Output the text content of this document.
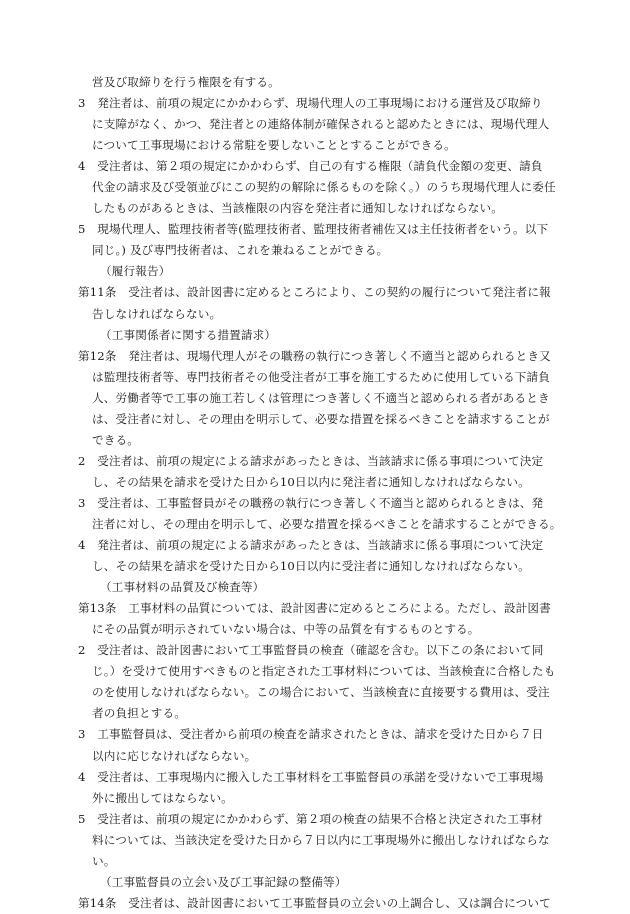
営及び取締りを行う権限を有する。
3　発注者は、前項の規定にかかわらず、現場代理人の工事現場における運営及び取締り
に支障がなく、かつ、発注者との連絡体制が確保されると認めたときには、現場代理人
について工事現場における常駐を要しないこととすることができる。
4　受注者は、第２項の規定にかかわらず、自己の有する権限（請負代金額の変更、請負
代金の請求及び受領並びにこの契約の解除に係るものを除く。）のうち現場代理人に委任
したものがあるときは、当該権限の内容を発注者に通知しなければならない。
5　現場代理人、監理技術者等(監理技術者、監理技術者補佐又は主任技術者をいう。以下
同じ。) 及び専門技術者は、これを兼ねることができる。
（履行報告）
第11条　受注者は、設計図書に定めるところにより、この契約の履行について発注者に報
告しなければならない。
（工事関係者に関する措置請求）
第12条　発注者は、現場代理人がその職務の執行につき著しく不適当と認められるとき又
は監理技術者等、専門技術者その他受注者が工事を施工するために使用している下請負
人、労働者等で工事の施工若しくは管理につき著しく不適当と認められる者があるとき
は、受注者に対し、その理由を明示して、必要な措置を採るべきことを請求することが
できる。
2　受注者は、前項の規定による請求があったときは、当該請求に係る事項について決定
し、その結果を請求を受けた日から10日以内に発注者に通知しなければならない。
3　受注者は、工事監督員がその職務の執行につき著しく不適当と認められるときは、発
注者に対し、その理由を明示して、必要な措置を採るべきことを請求することができる。
4　発注者は、前項の規定による請求があったときは、当該請求に係る事項について決定
し、その結果を請求を受けた日から10日以内に受注者に通知しなければならない。
（工事材料の品質及び検査等）
第13条　工事材料の品質については、設計図書に定めるところによる。ただし、設計図書
にその品質が明示されていない場合は、中等の品質を有するものとする。
2　受注者は、設計図書において工事監督員の検査（確認を含む。以下この条において同
じ。）を受けて使用すべきものと指定された工事材料については、当該検査に合格したも
のを使用しなければならない。この場合において、当該検査に直接要する費用は、受注
者の負担とする。
3　工事監督員は、受注者から前項の検査を請求されたときは、請求を受けた日から７日
以内に応じなければならない。
4　受注者は、工事現場内に搬入した工事材料を工事監督員の承諾を受けないで工事現場
外に搬出してはならない。
5　受注者は、前項の規定にかかわらず、第２項の検査の結果不合格と決定された工事材
料については、当該決定を受けた日から７日以内に工事現場外に搬出しなければならな
い。
（工事監督員の立会い及び工事記録の整備等）
第14条　受注者は、設計図書において工事監督員の立会いの上調合し、又は調合について
